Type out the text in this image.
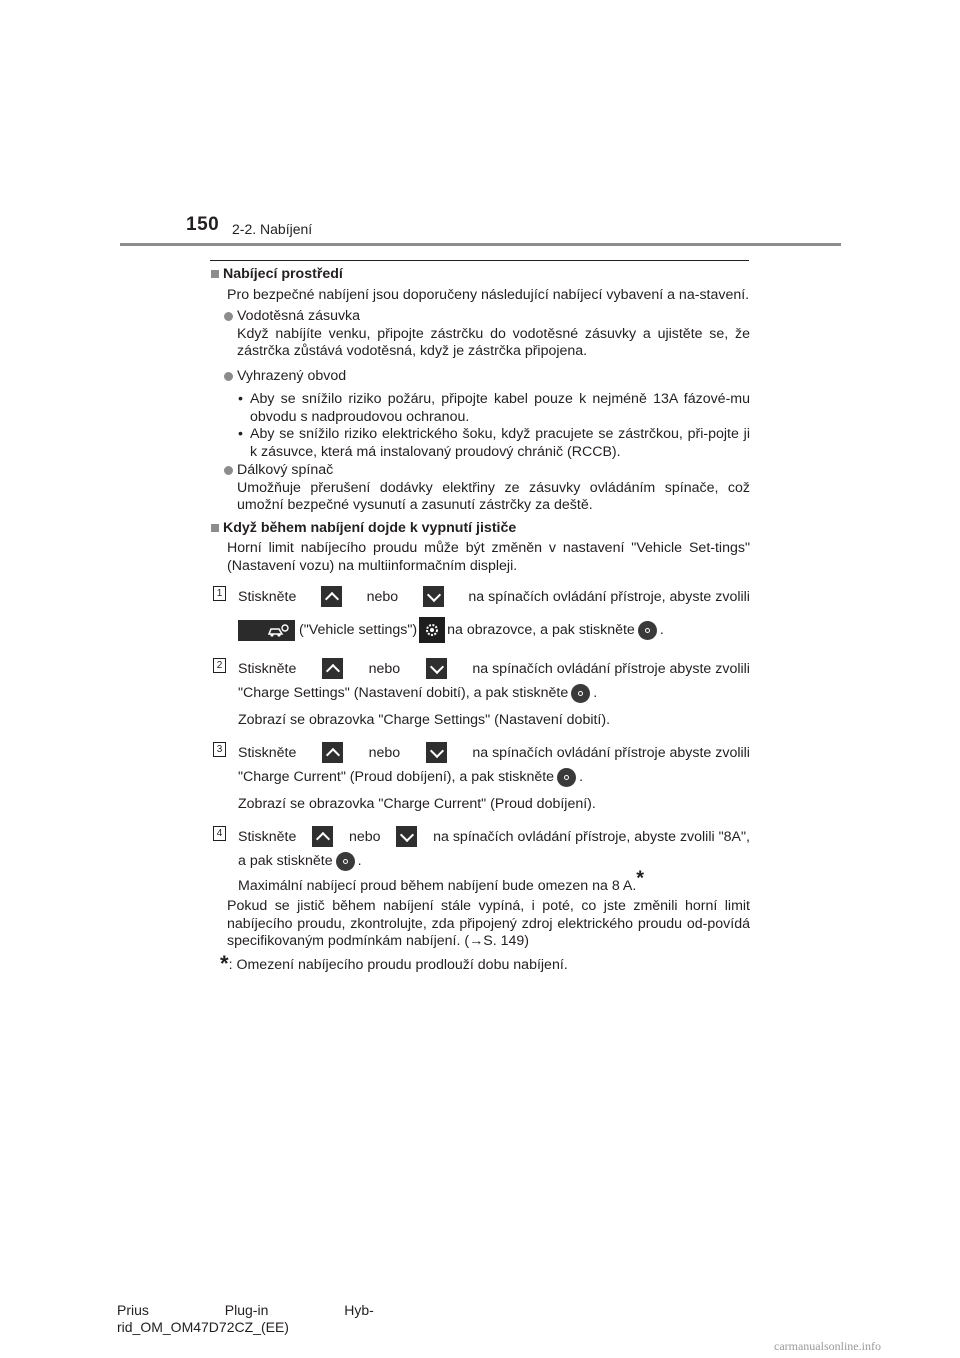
150 2-2. Nabíjení

Nabíjecí prostředí

Pro bezpečné nabíjení jsou doporučeny následující nabíjecí vybavení a na-stavení.

Vodotěsná zásuvka

Když nabíjíte venku, připojte zástrčku do vodotěsné zásuvky a ujistěte se, že zástrčka zůstává vodotěsná, když je zástrčka připojena.

Vyhrazený obvod

• Aby se snížilo riziko požáru, připojte kabel pouze k nejméně 13A fázové-mu obvodu s nadproudovou ochranou.

• Aby se snížilo riziko elektrického šoku, když pracujete se zástrčkou, při-pojte ji k zásuvce, která má instalovaný proudový chránič (RCCB).

Dálkový spínač

Umožňuje přerušení dodávky elektřiny ze zásuvky ovládáním spínače, což umožní bezpečné vysunutí a zasunutí zástrčky za deště.

Když během nabíjení dojde k vypnutí jističe

Horní limit nabíjecího proudu může být změněn v nastavení "Vehicle Set-tings" (Nastavení vozu) na multiinformačním displeji.

1 Stiskněte	nebo	na spínačích ovládání přístroje, abyste zvolili
("Vehicle settings") na obrazovce, a pak stiskněte .
2 Stiskněte	nebo	na spínačích ovládání přístroje abyste zvolili
"Charge Settings" (Nastavení dobití), a pak stiskněte .

Zobrazí se obrazovka "Charge Settings" (Nastavení dobití).

3 Stiskněte	nebo	na spínačích ovládání přístroje abyste zvolili
"Charge Current" (Proud dobíjení), a pak stiskněte .

Zobrazí se obrazovka "Charge Current" (Proud dobíjení).

4 Stiskněte	nebo	na spínačích ovládání přístroje, abyste zvolili "8A",
a pak stiskněte .

Maximální nabíjecí proud během nabíjení bude omezen na 8 A.*

Pokud se jistič během nabíjení stále vypíná, i poté, co jste změnili horní limit nabíjecího proudu, zkontrolujte, zda připojený zdroj elektrického proudu od-povídá specifikovaným podmínkám nabíjení. (→S. 149)

*: Omezení nabíjecího proudu prodlouží dobu nabíjení.

Prius Plug-in Hyb-
rid_OM_OM47D72CZ_(EE)
carmanualsonline.info
